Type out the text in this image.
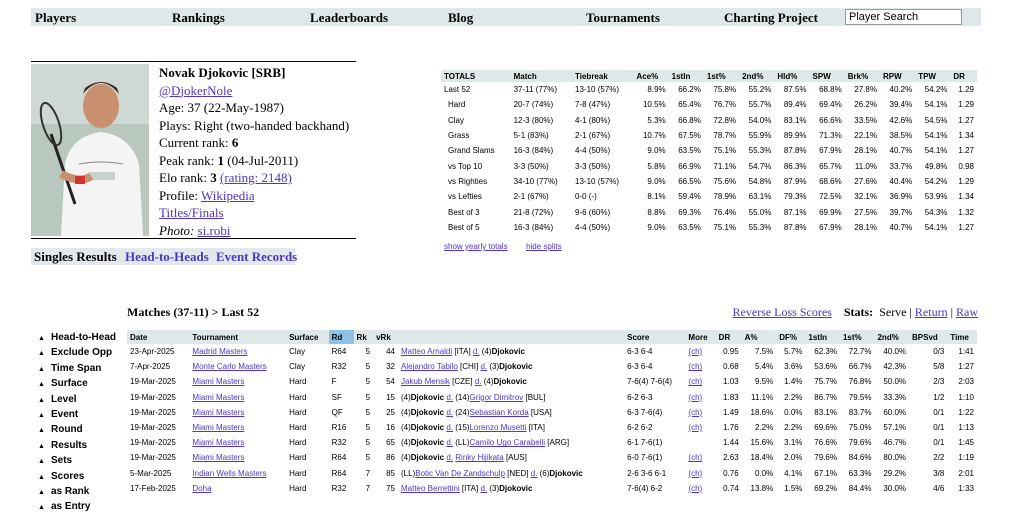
Players	Rankings	Leaderboards	Blog	Tournaments	Charting Project
Player Search
Novak Djokovic [SRB]
@DjokerNole
Age: 37 (22-May-1987)
Plays: Right (two-handed backhand)
Current rank: 6
Peak rank: 1 (04-Jul-2011)
Elo rank: 3 (rating: 2148)
Profile: Wikipedia
Titles/Finals
Photo: si.robi
Singles Results Head-to-Heads Event Records
TOTALS	Match	Tiebreak	Ace%	1stIn	1st%	2nd%	Hld%	SPW	Brk%	RPW	TPW	DR
Last 52	37-11 (77%)	13-10 (57%)	8.9%	66.2%	75.8%	55.2%	87.5%	68.8%	27.8%	40.2%	54.2%	1.29
Hard	20-7 (74%)	7-8 (47%)	10.5%	65.4%	76.7%	55.7%	89.4%	69.4%	26.2%	39.4%	54.1%	1.29
Clay	12-3 (80%)	4-1 (80%)	5.3%	66.8%	72.8%	54.0%	83.1%	66.6%	33.5%	42.6%	54.5%	1.27
Grass	5-1 (83%)	2-1 (67%)	10.7%	67.5%	78.7%	55.9%	89.9%	71.3%	22.1%	38.5%	54.1%	1.34
Grand Slams	16-3 (84%)	4-4 (50%)	9.0%	63.5%	75.1%	55.3%	87.8%	67.9%	28.1%	40.7%	54.1%	1.27
vs Top 10	3-3 (50%)	3-3 (50%)	5.8%	66.9%	71.1%	54.7%	86.3%	65.7%	11.0%	33.7%	49.8%	0.98
vs Righties	34-10 (77%)	13-10 (57%)	9.0%	66.5%	75.6%	54.8%	87.9%	68.6%	27.6%	40.4%	54.2%	1.29
vs Lefties	2-1 (67%)	0-0 (-)	8.1%	59.4%	78.9%	63.1%	79.3%	72.5%	32.1%	36.9%	53.9%	1.34
Best of 3	21-8 (72%)	9-6 (60%)	8.8%	69.3%	76.4%	55.0%	87.1%	69.9%	27.5%	39.7%	54.3%	1.32
Best of 5	16-3 (84%)	4-4 (50%)	9.0%	63.5%	75.1%	55.3%	87.8%	67.9%	28.1%	40.7%	54.1%	1.27
show yearly totals hide splits
Matches (37-11) > Last 52	Reverse Loss Scores Stats: Serve | Return | Raw
▲ Head-to-Head
▲ Exclude Opp
▲ Time Span
▲ Surface
▲ Level
▲ Event
▲ Round
▲ Results
▲ Sets
▲ Scores
▲ as Rank
▲ as Entry
Date	Tournament	Surface	Rd	Rk	vRk		Score	More	DR	A%	DF%	1stIn	1st%	2nd%	BPSvd	Time
23-Apr-2025	Madrid Masters	Clay	R64	5	44	Matteo Arnaldi [ITA] d. (4)Djokovic	6-3 6-4	(ch)	0.95	7.5%	5.7%	62.3%	72.7%	40.0%	0/3	1:41
7-Apr-2025	Monte Carlo Masters	Clay	R32	5	32	Alejandro Tabilo [CHI] d. (3)Djokovic	6-3 6-4	(ch)	0.68	5.4%	3.6%	53.6%	66.7%	42.3%	5/8	1:27
19-Mar-2025	Miami Masters	Hard	F	5	54	Jakub Mensik [CZE] d. (4)Djokovic	7-6(4) 7-6(4)	(ch)	1.03	9.5%	1.4%	75.7%	76.8%	50.0%	2/3	2:03
19-Mar-2025	Miami Masters	Hard	SF	5	15	(4)Djokovic d. (14)Grigor Dimitrov [BUL]	6-2 6-3	(ch)	1.83	11.1%	2.2%	86.7%	79.5%	33.3%	1/2	1:10
19-Mar-2025	Miami Masters	Hard	QF	5	25	(4)Djokovic d. (24)Sebastian Korda [USA]	6-3 7-6(4)	(ch)	1.49	18.6%	0.0%	83.1%	83.7%	60.0%	0/1	1:22
19-Mar-2025	Miami Masters	Hard	R16	5	16	(4)Djokovic d. (15)Lorenzo Musetti [ITA]	6-2 6-2	(ch)	1.76	2.2%	2.2%	69.6%	75.0%	57.1%	0/1	1:13
19-Mar-2025	Miami Masters	Hard	R32	5	65	(4)Djokovic d. (LL)Camilo Ugo Carabelli [ARG]	6-1 7-6(1)		1.44	15.6%	3.1%	76.6%	79.6%	46.7%	0/1	1:45
19-Mar-2025	Miami Masters	Hard	R64	5	86	(4)Djokovic d. Rinky Hijikata [AUS]	6-0 7-6(1)	(ch)	2.63	18.4%	2.0%	79.6%	84.6%	80.0%	2/2	1:19
5-Mar-2025	Indian Wells Masters	Hard	R64	7	85	(LL)Botic Van De Zandschulp [NED] d. (6)Djokovic	2-6 3-6 6-1	(ch)	0.76	0.0%	4.1%	67.1%	63.3%	29.2%	3/8	2:01
17-Feb-2025	Doha	Hard	R32	7	75	Matteo Berrettini [ITA] d. (3)Djokovic	7-6(4) 6-2	(ch)	0.74	13.8%	1.5%	69.2%	84.4%	30.0%	4/6	1:33
